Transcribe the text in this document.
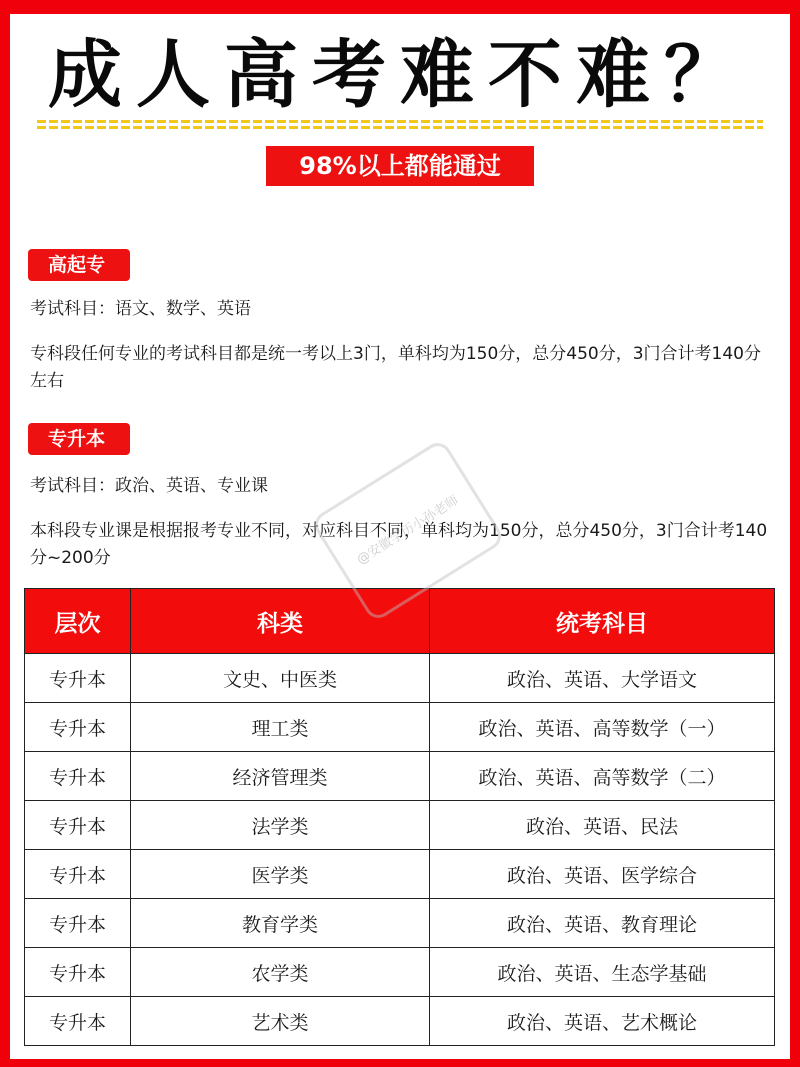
成人高考难不难？
98%以上都能通过
高起专
考试科目：语文、数学、英语
专科段任何专业的考试科目都是统一考以上3门，单科均为150分，总分450分，3门合计考140分左右
专升本
考试科目：政治、英语、专业课
本科段专业课是根据报考专业不同，对应科目不同，单科均为150分，总分450分，3门合计考140分~200分
层次	科类	统考科目
专升本	文史、中医类	政治、英语、大学语文
专升本	理工类	政治、英语、高等数学（一）
专升本	经济管理类	政治、英语、高等数学（二）
专升本	法学类	政治、英语、民法
专升本	医学类	政治、英语、医学综合
专升本	教育学类	政治、英语、教育理论
专升本	农学类	政治、英语、生态学基础
专升本	艺术类	政治、英语、艺术概论
@安徽学历小孙老师
